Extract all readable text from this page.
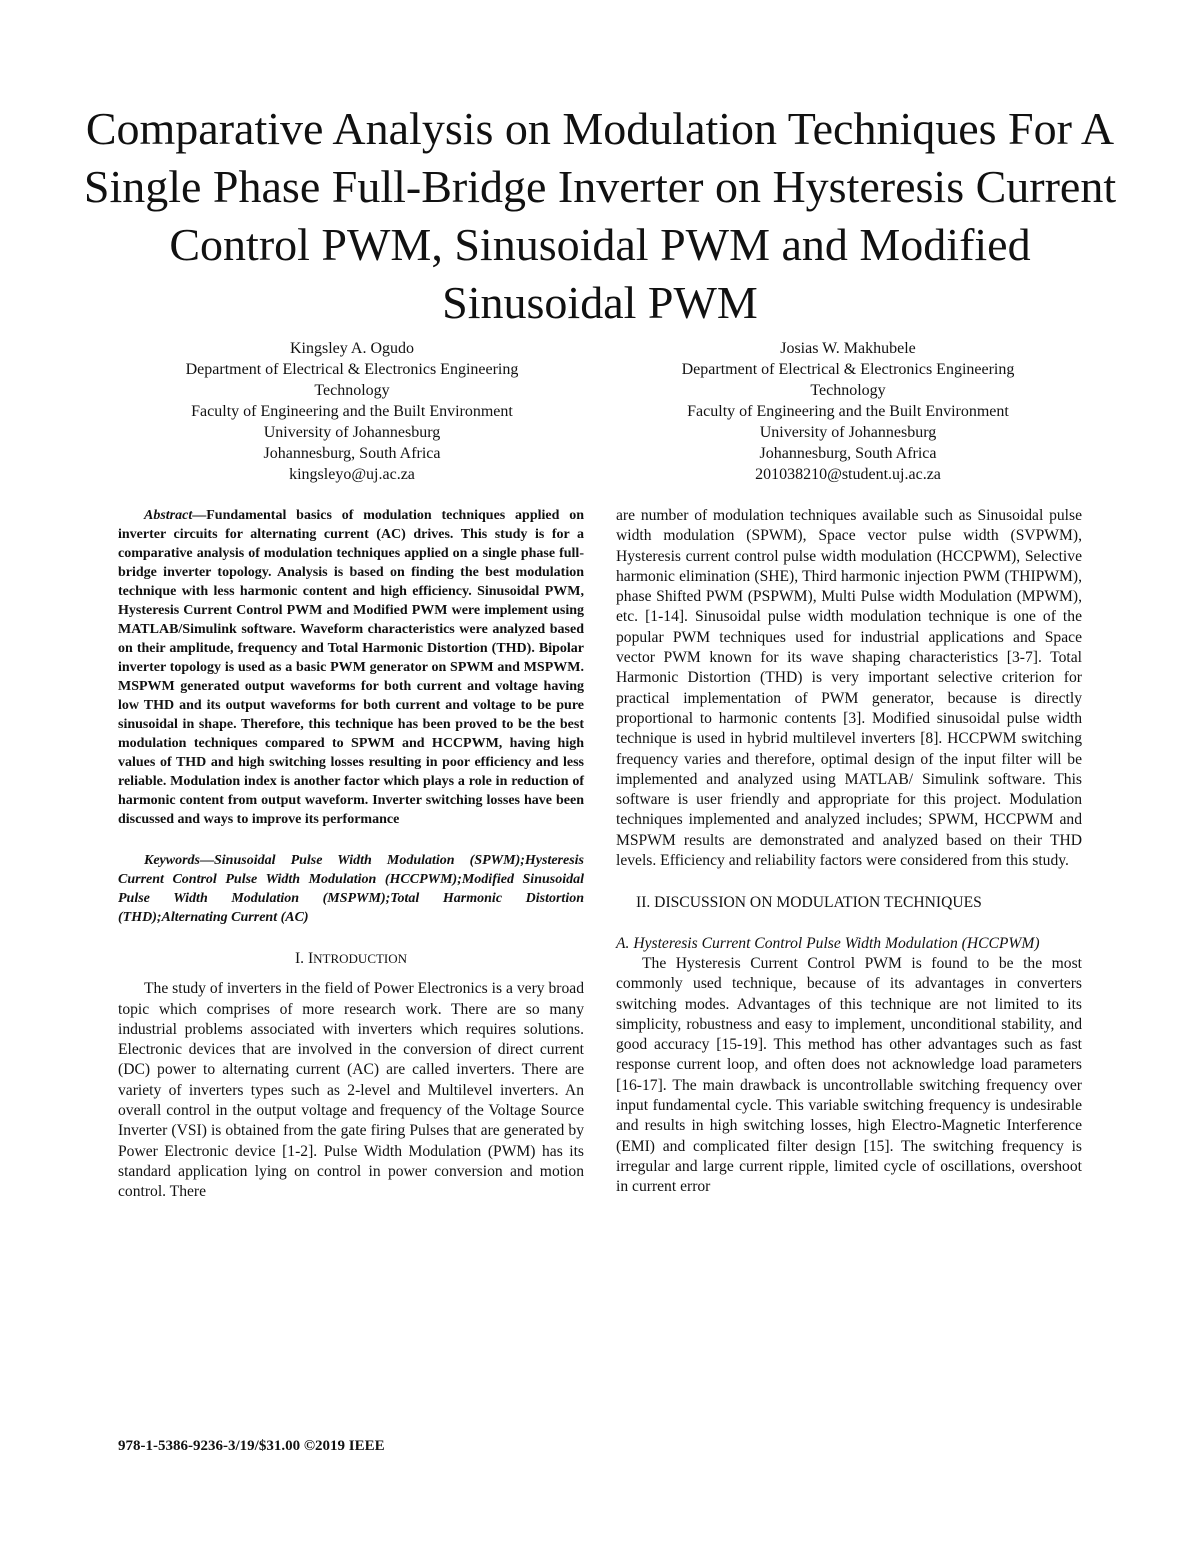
Comparative Analysis on Modulation Techniques For A Single Phase Full-Bridge Inverter on Hysteresis Current Control PWM, Sinusoidal PWM and Modified Sinusoidal PWM
Kingsley A. Ogudo
Department of Electrical & Electronics Engineering
Technology
Faculty of Engineering and the Built Environment
University of Johannesburg
Johannesburg, South Africa
kingsleyo@uj.ac.za
Josias W. Makhubele
Department of Electrical & Electronics Engineering
Technology
Faculty of Engineering and the Built Environment
University of Johannesburg
Johannesburg, South Africa
201038210@student.uj.ac.za

Abstract—Fundamental basics of modulation techniques applied on inverter circuits for alternating current (AC) drives. This study is for a comparative analysis of modulation techniques applied on a single phase full-bridge inverter topology. Analysis is based on finding the best modulation technique with less harmonic content and high efficiency. Sinusoidal PWM, Hysteresis Current Control PWM and Modified PWM were implement using MATLAB/Simulink software. Waveform characteristics were analyzed based on their amplitude, frequency and Total Harmonic Distortion (THD). Bipolar inverter topology is used as a basic PWM generator on SPWM and MSPWM. MSPWM generated output waveforms for both current and voltage having low THD and its output waveforms for both current and voltage to be pure sinusoidal in shape. Therefore, this technique has been proved to be the best modulation techniques compared to SPWM and HCCPWM, having high values of THD and high switching losses resulting in poor efficiency and less reliable. Modulation index is another factor which plays a role in reduction of harmonic content from output waveform. Inverter switching losses have been discussed and ways to improve its performance

Keywords—Sinusoidal Pulse Width Modulation (SPWM);Hysteresis Current Control Pulse Width Modulation (HCCPWM);Modified Sinusoidal Pulse Width Modulation (MSPWM);Total Harmonic Distortion (THD);Alternating Current (AC)

I. INTRODUCTION

The study of inverters in the field of Power Electronics is a very broad topic which comprises of more research work. There are so many industrial problems associated with inverters which requires solutions. Electronic devices that are involved in the conversion of direct current (DC) power to alternating current (AC) are called inverters. There are variety of inverters types such as 2-level and Multilevel inverters. An overall control in the output voltage and frequency of the Voltage Source Inverter (VSI) is obtained from the gate firing Pulses that are generated by Power Electronic device [1-2]. Pulse Width Modulation (PWM) has its standard application lying on control in power conversion and motion control. There

are number of modulation techniques available such as Sinusoidal pulse width modulation (SPWM), Space vector pulse width (SVPWM), Hysteresis current control pulse width modulation (HCCPWM), Selective harmonic elimination (SHE), Third harmonic injection PWM (THIPWM), phase Shifted PWM (PSPWM), Multi Pulse width Modulation (MPWM), etc. [1-14]. Sinusoidal pulse width modulation technique is one of the popular PWM techniques used for industrial applications and Space vector PWM known for its wave shaping characteristics [3-7]. Total Harmonic Distortion (THD) is very important selective criterion for practical implementation of PWM generator, because is directly proportional to harmonic contents [3]. Modified sinusoidal pulse width technique is used in hybrid multilevel inverters [8]. HCCPWM switching frequency varies and therefore, optimal design of the input filter will be implemented and analyzed using MATLAB/ Simulink software. This software is user friendly and appropriate for this project. Modulation techniques implemented and analyzed includes; SPWM, HCCPWM and MSPWM results are demonstrated and analyzed based on their THD levels. Efficiency and reliability factors were considered from this study.

II. DISCUSSION ON MODULATION TECHNIQUES

A. Hysteresis Current Control Pulse Width Modulation (HCCPWM)

The Hysteresis Current Control PWM is found to be the most commonly used technique, because of its advantages in converters switching modes. Advantages of this technique are not limited to its simplicity, robustness and easy to implement, unconditional stability, and good accuracy [15-19]. This method has other advantages such as fast response current loop, and often does not acknowledge load parameters [16-17]. The main drawback is uncontrollable switching frequency over input fundamental cycle. This variable switching frequency is undesirable and results in high switching losses, high Electro-Magnetic Interference (EMI) and complicated filter design [15]. The switching frequency is irregular and large current ripple, limited cycle of oscillations, overshoot in current error

978-1-5386-9236-3/19/$31.00 ©2019 IEEE
